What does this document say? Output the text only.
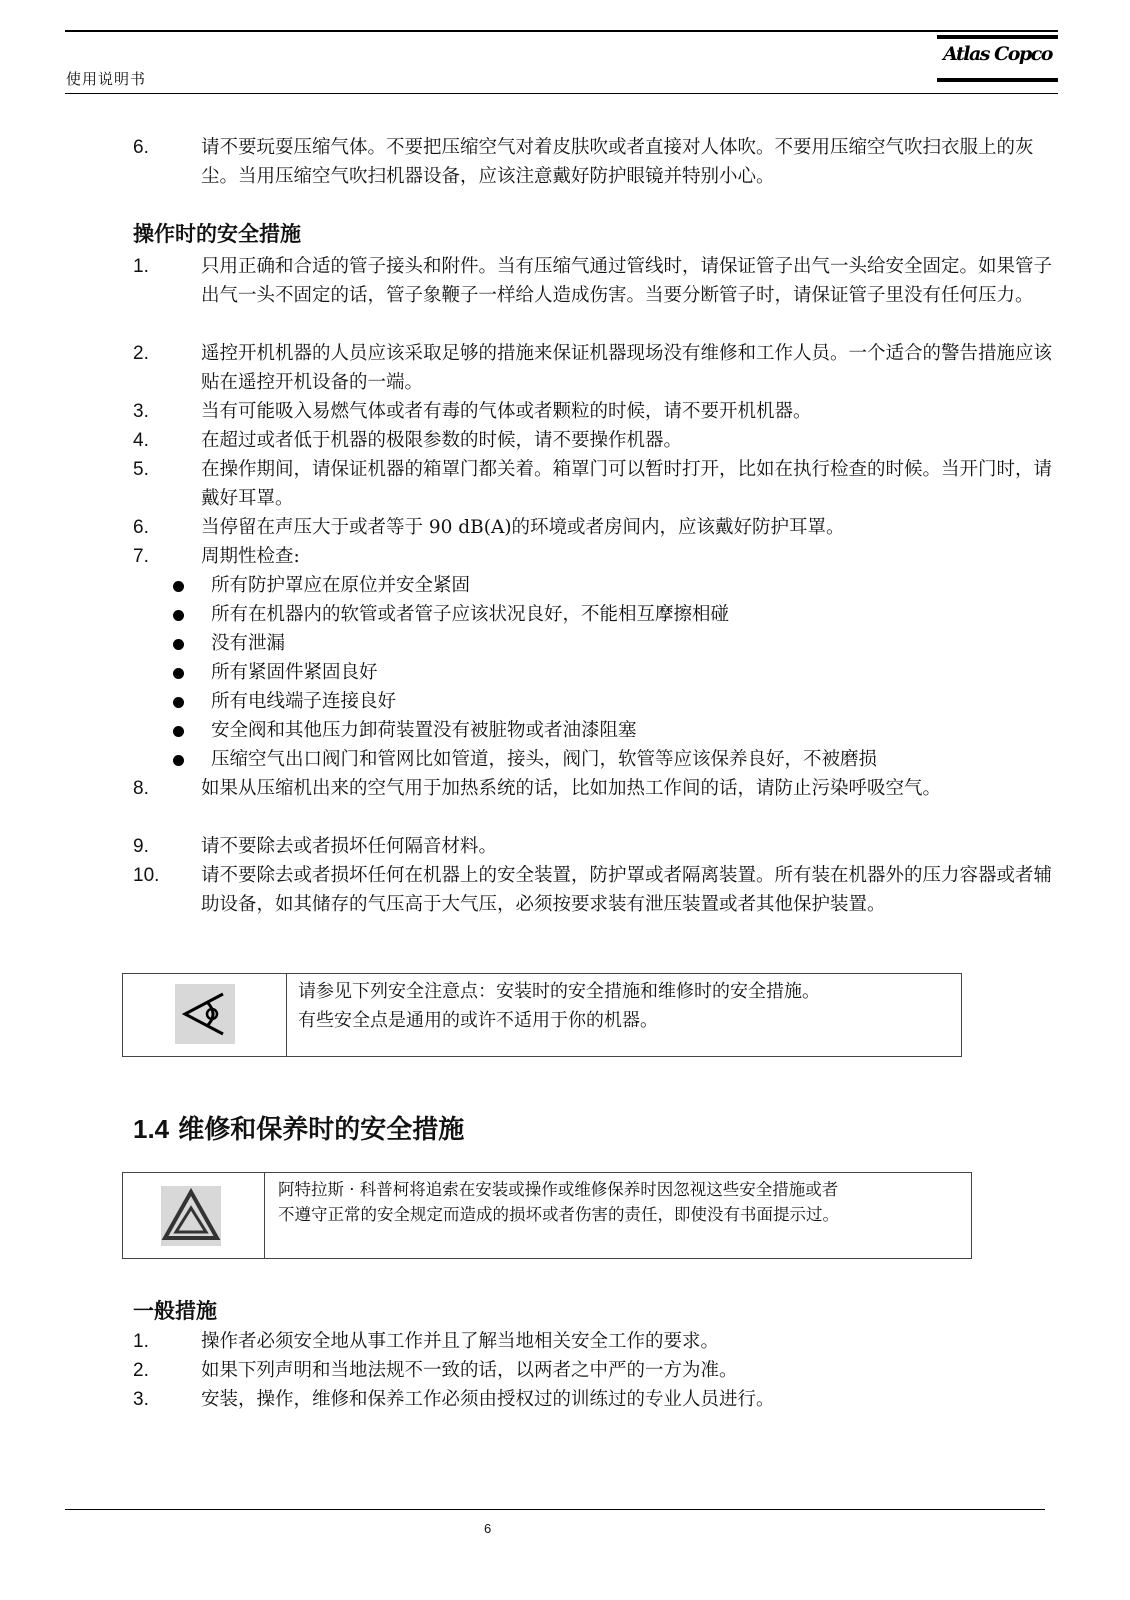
使用说明书
Atlas Copco
6.	请不要玩耍压缩气体。不要把压缩空气对着皮肤吹或者直接对人体吹。不要用压缩空气吹扫衣服上的灰尘。当用压缩空气吹扫机器设备，应该注意戴好防护眼镜并特别小心。
操作时的安全措施
1.	只用正确和合适的管子接头和附件。当有压缩气通过管线时，请保证管子出气一头给安全固定。如果管子出气一头不固定的话，管子象鞭子一样给人造成伤害。当要分断管子时，请保证管子里没有任何压力。
2.	遥控开机机器的人员应该采取足够的措施来保证机器现场没有维修和工作人员。一个适合的警告措施应该贴在遥控开机设备的一端。
3.	当有可能吸入易燃气体或者有毒的气体或者颗粒的时候，请不要开机机器。
4.	在超过或者低于机器的极限参数的时候，请不要操作机器。
5.	在操作期间，请保证机器的箱罩门都关着。箱罩门可以暂时打开，比如在执行检查的时候。当开门时，请戴好耳罩。
6.	当停留在声压大于或者等于 90 dB(A)的环境或者房间内，应该戴好防护耳罩。
7.	周期性检查:
所有防护罩应在原位并安全紧固
所有在机器内的软管或者管子应该状况良好，不能相互摩擦相碰
没有泄漏
所有紧固件紧固良好
所有电线端子连接良好
安全阀和其他压力卸荷装置没有被脏物或者油漆阻塞
压缩空气出口阀门和管网比如管道，接头，阀门，软管等应该保养良好，不被磨损
8.	如果从压缩机出来的空气用于加热系统的话，比如加热工作间的话，请防止污染呼吸空气。
9.	请不要除去或者损坏任何隔音材料。
10. 请不要除去或者损坏任何在机器上的安全装置，防护罩或者隔离装置。所有装在机器外的压力容器或者辅助设备，如其储存的气压高于大气压，必须按要求装有泄压装置或者其他保护装置。
请参见下列安全注意点：安装时的安全措施和维修时的安全措施。
有些安全点是通用的或许不适用于你的机器。
1.4 维修和保养时的安全措施
阿特拉斯 · 科普柯将追索在安装或操作或维修保养时因忽视这些安全措施或者
不遵守正常的安全规定而造成的损坏或者伤害的责任，即使没有书面提示过。
一般措施
1.	操作者必须安全地从事工作并且了解当地相关安全工作的要求。
2.	如果下列声明和当地法规不一致的话，以两者之中严的一方为准。
3.	安装，操作，维修和保养工作必须由授权过的训练过的专业人员进行。
6
